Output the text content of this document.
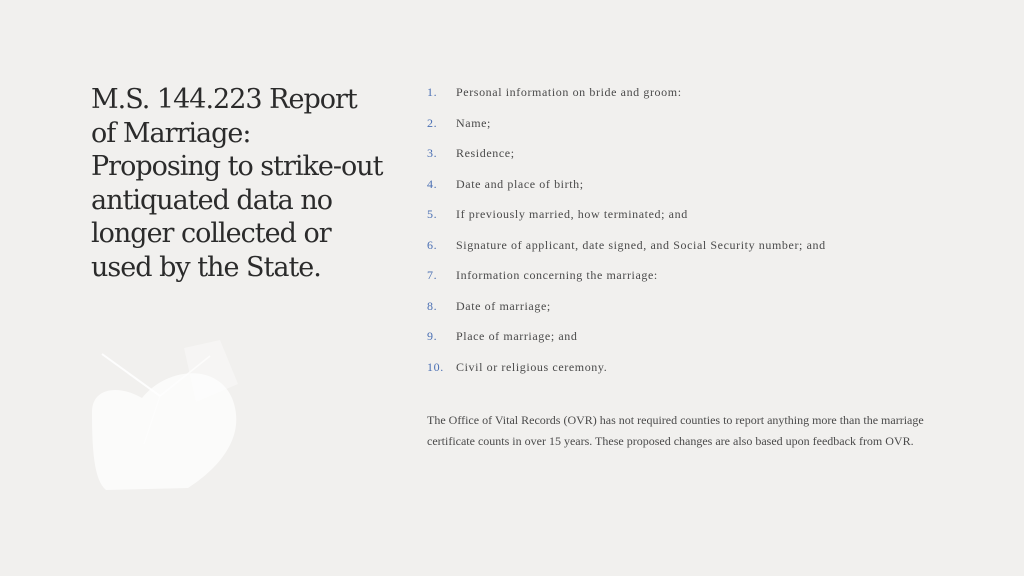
M.S. 144.223 Report
of Marriage:
Proposing to strike-out
antiquated data no
longer collected or
used by the State.
1.	Personal information on bride and groom:
2.	Name;
3.	Residence;
4.	Date and place of birth;
5.	If previously married, how terminated; and
6.	Signature of applicant, date signed, and Social Security number; and
7.	Information concerning the marriage:
8.	Date of marriage;
9.	Place of marriage; and
10.	Civil or religious ceremony.

The Office of Vital Records (OVR) has not required counties to report anything more than the marriage certificate counts in over 15 years. These proposed changes are also based upon feedback from OVR.
